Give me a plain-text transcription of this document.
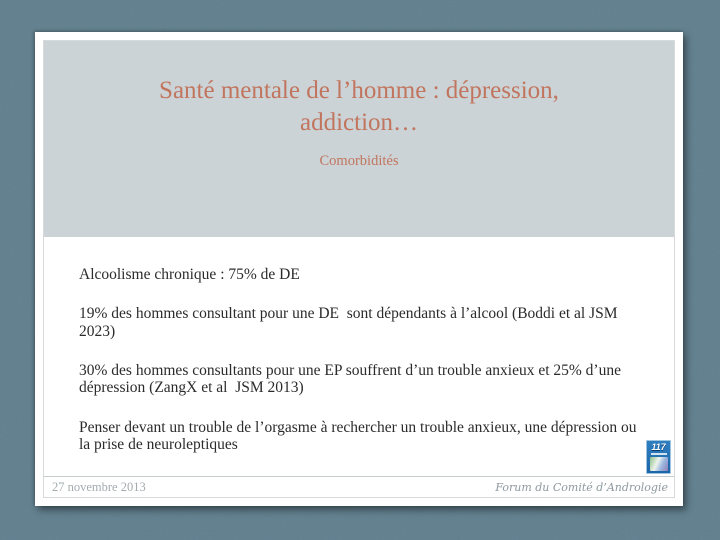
Santé mentale de l’homme : dépression, addiction…
Comorbidités

Alcoolisme chronique : 75% de DE

19% des hommes consultant pour une DE  sont dépendants à l’alcool (Boddi et al JSM 2023)

30% des hommes consultants pour une EP souffrent d’un trouble anxieux et 25% d’une dépression (ZangX et al  JSM 2013)

Penser devant un trouble de l’orgasme à rechercher un trouble anxieux, une dépression ou la prise de neuroleptiques	117
27 novembre 2013	Forum du Comité d’Andrologie
